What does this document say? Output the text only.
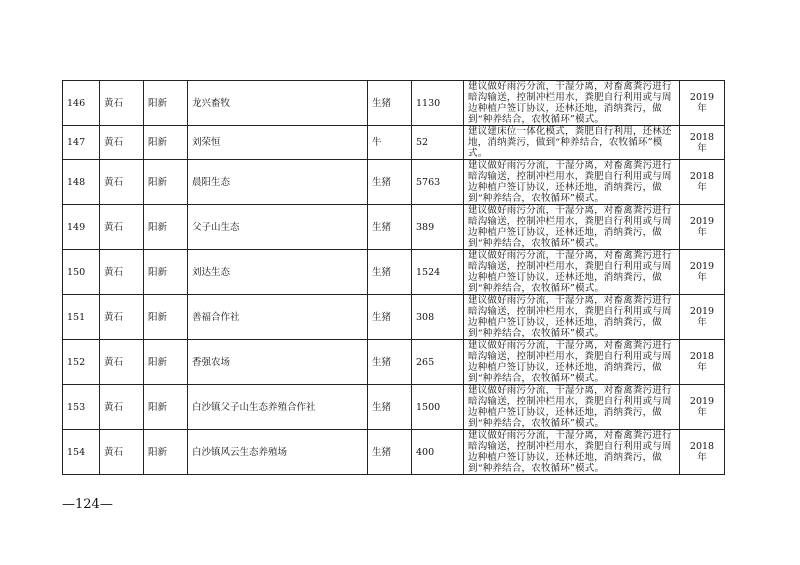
146	黄石	阳新	龙兴畜牧	生猪	1130	建议做好雨污分流，干湿分离，对畜禽粪污进行暗沟输送，控制冲栏用水，粪肥自行利用或与周边种植户签订协议，还林还地，消纳粪污，做到“种养结合，农牧循环”模式。	2019 年
147	黄石	阳新	刘荣恒	牛	52	建议建床位一体化模式，粪肥自行利用，还林还地，消纳粪污，做到“种养结合，农牧循环”模式。	2018 年
148	黄石	阳新	晨阳生态	生猪	5763	建议做好雨污分流，干湿分离，对畜禽粪污进行暗沟输送，控制冲栏用水，粪肥自行利用或与周边种植户签订协议，还林还地，消纳粪污，做到“种养结合，农牧循环”模式。	2018 年
149	黄石	阳新	父子山生态	生猪	389	建议做好雨污分流，干湿分离，对畜禽粪污进行暗沟输送，控制冲栏用水，粪肥自行利用或与周边种植户签订协议，还林还地，消纳粪污，做到“种养结合，农牧循环”模式。	2019 年
150	黄石	阳新	刘达生态	生猪	1524	建议做好雨污分流，干湿分离，对畜禽粪污进行暗沟输送，控制冲栏用水，粪肥自行利用或与周边种植户签订协议，还林还地，消纳粪污，做到“种养结合，农牧循环”模式。	2019 年
151	黄石	阳新	善福合作社	生猪	308	建议做好雨污分流，干湿分离，对畜禽粪污进行暗沟输送，控制冲栏用水，粪肥自行利用或与周边种植户签订协议，还林还地，消纳粪污，做到“种养结合，农牧循环”模式。	2019 年
152	黄石	阳新	香强农场	生猪	265	建议做好雨污分流，干湿分离，对畜禽粪污进行暗沟输送，控制冲栏用水，粪肥自行利用或与周边种植户签订协议，还林还地，消纳粪污，做到“种养结合，农牧循环”模式。	2018 年
153	黄石	阳新	白沙镇父子山生态养殖合作社	生猪	1500	建议做好雨污分流，干湿分离，对畜禽粪污进行暗沟输送，控制冲栏用水，粪肥自行利用或与周边种植户签订协议，还林还地，消纳粪污，做到“种养结合，农牧循环”模式。	2019 年
154	黄石	阳新	白沙镇风云生态养殖场	生猪	400	建议做好雨污分流，干湿分离，对畜禽粪污进行暗沟输送，控制冲栏用水，粪肥自行利用或与周边种植户签订协议，还林还地，消纳粪污，做到“种养结合，农牧循环”模式。	2018 年
—124—
